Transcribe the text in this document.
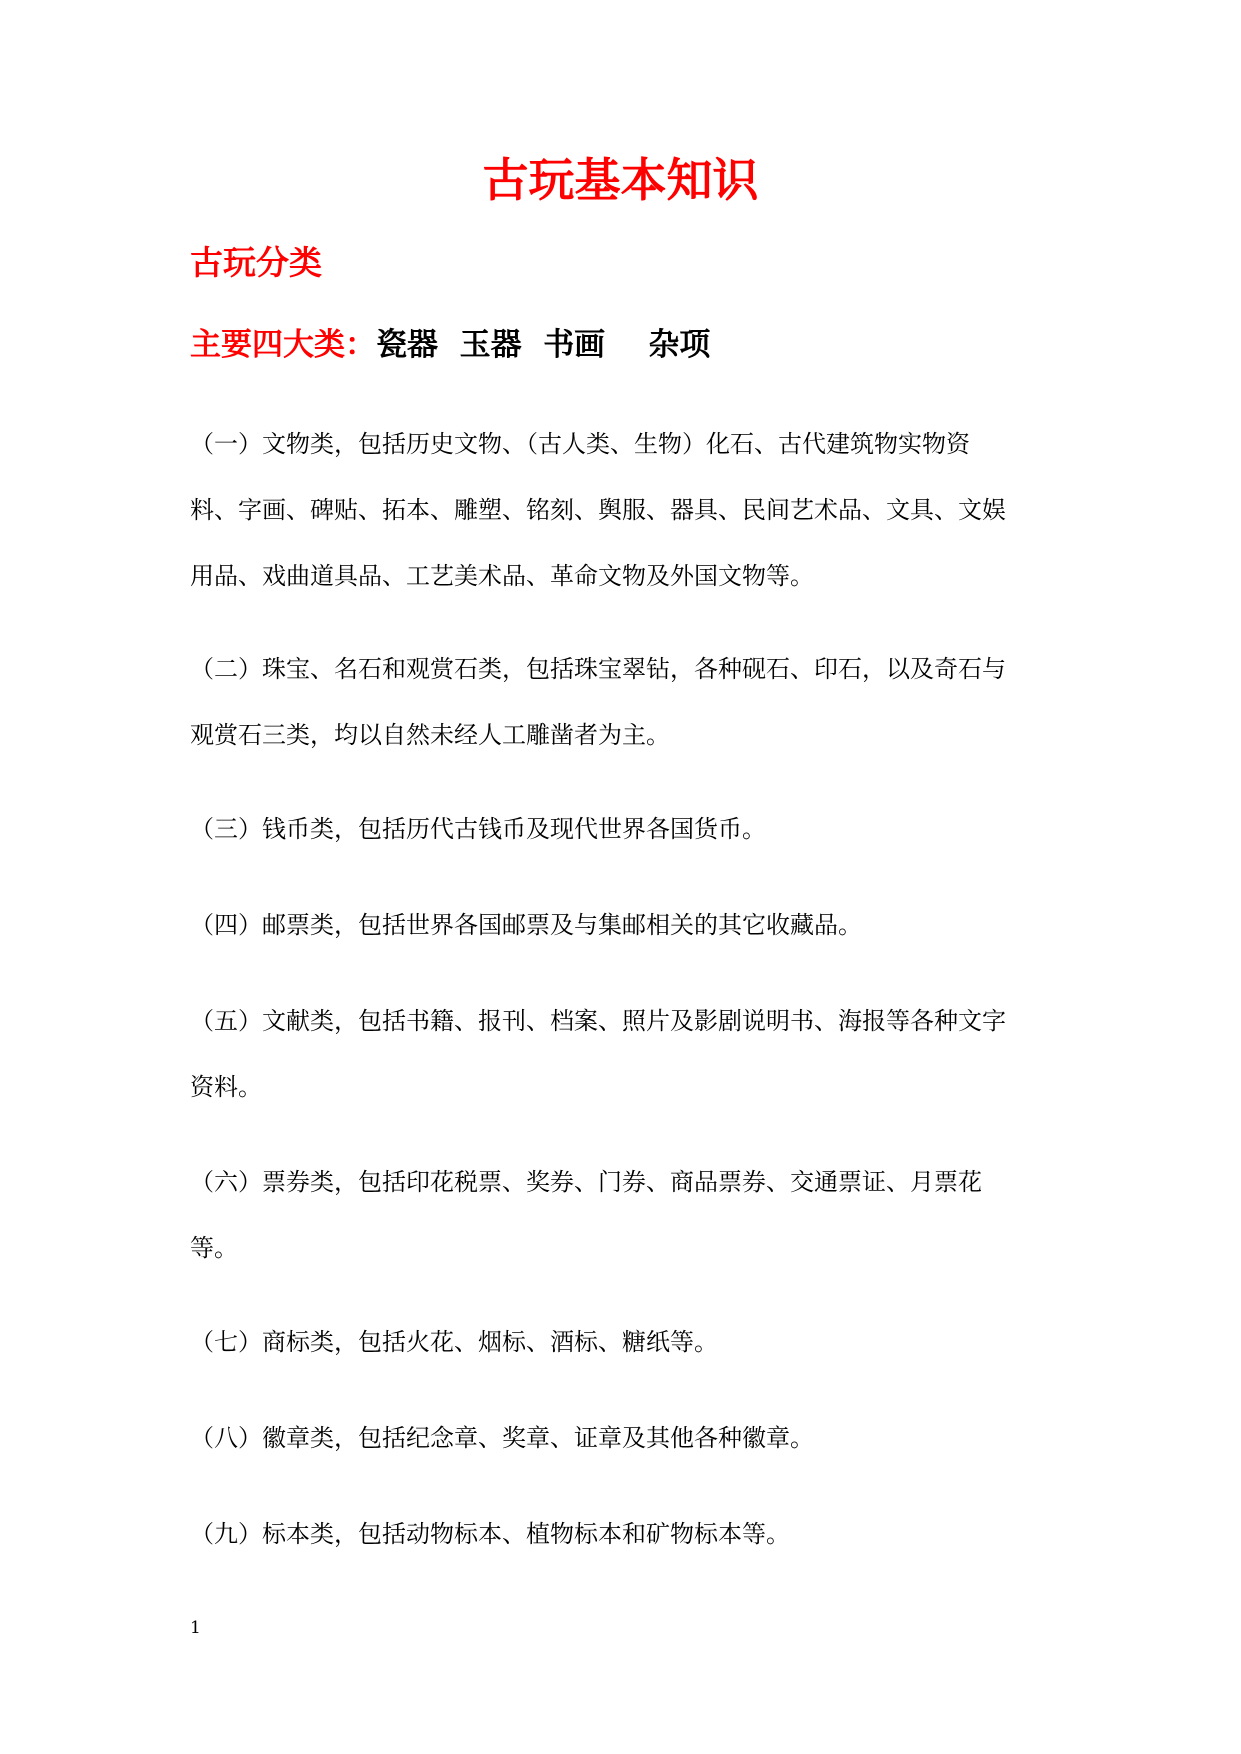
古玩基本知识
古玩分类

主要四大类：瓷器 玉器 书画 杂项

（一）文物类，包括历史文物、（古人类、生物）化石、古代建筑物实物资料、字画、碑贴、拓本、雕塑、铭刻、舆服、器具、民间艺术品、文具、文娱用品、戏曲道具品、工艺美术品、革命文物及外国文物等。

（二）珠宝、名石和观赏石类，包括珠宝翠钻，各种砚石、印石，以及奇石与观赏石三类，均以自然未经人工雕凿者为主。

（三）钱币类，包括历代古钱币及现代世界各国货币。

（四）邮票类，包括世界各国邮票及与集邮相关的其它收藏品。

（五）文献类，包括书籍、报刊、档案、照片及影剧说明书、海报等各种文字资料。

（六）票券类，包括印花税票、奖券、门券、商品票券、交通票证、月票花等。

（七）商标类，包括火花、烟标、酒标、糖纸等。

（八）徽章类，包括纪念章、奖章、证章及其他各种徽章。

（九）标本类，包括动物标本、植物标本和矿物标本等。

1
